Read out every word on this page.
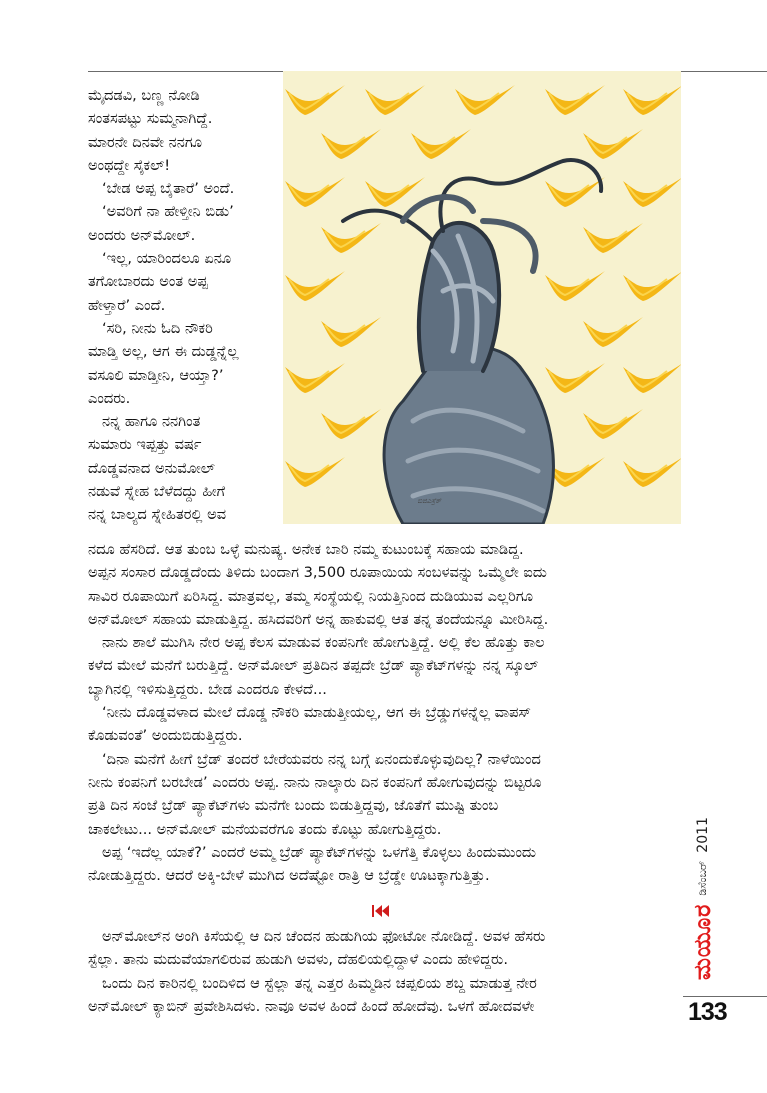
ಮೈದಡವಿ, ಬಣ್ಣ ನೋಡಿ
ಸಂತಸಪಟ್ಟು ಸುಮ್ಮನಾಗಿದ್ದೆ.
ಮಾರನೇ ದಿನವೇ ನನಗೂ
ಅಂಥದ್ದೇ ಸೈಕಲ್!
‘ಬೇಡ ಅಪ್ಪ ಬೈತಾರೆ’ ಅಂದೆ.
‘ಅವರಿಗೆ ನಾ ಹೇಳ್ತೀನಿ ಬಿಡು’
ಅಂದರು ಅನ್‌ಮೋಲ್.
‘ಇಲ್ಲ, ಯಾರಿಂದಲೂ ಏನೂ
ತಗೋಬಾರದು ಅಂತ ಅಪ್ಪ
ಹೇಳ್ತಾರೆ’ ಎಂದೆ.
‘ಸರಿ, ನೀನು ಓದಿ ನೌಕರಿ
ಮಾಡ್ತಿ ಅಲ್ಲ, ಆಗ ಈ ದುಡ್ಡನ್ನೆಲ್ಲ
ವಸೂಲಿ ಮಾಡ್ತೀನಿ, ಆಯ್ತಾ?’
ಎಂದರು.
ನನ್ನ ಹಾಗೂ ನನಗಿಂತ
ಸುಮಾರು ಇಪ್ಪತ್ತು ವರ್ಷ
ದೊಡ್ಡವನಾದ ಅನುಮೋಲ್
ನಡುವೆ ಸ್ನೇಹ ಬೆಳೆದದ್ದು ಹೀಗೆ
ನನ್ನ ಬಾಲ್ಯದ ಸ್ನೇಹಿತರಲ್ಲಿ ಅವ
ಬಿಜಿಎಸ್ರೆಕ್
ನದೂ ಹೆಸರಿದೆ. ಆತ ತುಂಬ ಒಳ್ಳೆ ಮನುಷ್ಯ. ಅನೇಕ ಬಾರಿ ನಮ್ಮ ಕುಟುಂಬಕ್ಕೆ ಸಹಾಯ ಮಾಡಿದ್ದ.
ಅಪ್ಪನ ಸಂಸಾರ ದೊಡ್ಡದೆಂದು ತಿಳಿದು ಬಂದಾಗ 3,500 ರೂಪಾಯಿಯ ಸಂಬಳವನ್ನು ಒಮ್ಮೆಲೇ ಐದು
ಸಾವಿರ ರೂಪಾಯಿಗೆ ಏರಿಸಿದ್ದ. ಮಾತ್ರವಲ್ಲ, ತಮ್ಮ ಸಂಸ್ಥೆಯಲ್ಲಿ ನಿಯತ್ತಿನಿಂದ ದುಡಿಯುವ ಎಲ್ಲರಿಗೂ
ಅನ್‌ಮೋಲ್ ಸಹಾಯ ಮಾಡುತ್ತಿದ್ದ. ಹಸಿದವರಿಗೆ ಅನ್ನ ಹಾಕುವಲ್ಲಿ ಆತ ತನ್ನ ತಂದೆಯನ್ನೂ ಮೀರಿಸಿದ್ದ.
ನಾನು ಶಾಲೆ ಮುಗಿಸಿ ನೇರ ಅಪ್ಪ ಕೆಲಸ ಮಾಡುವ ಕಂಪನಿಗೇ ಹೋಗುತ್ತಿದ್ದೆ. ಅಲ್ಲಿ ಕೆಲ ಹೊತ್ತು ಕಾಲ
ಕಳೆದ ಮೇಲೆ ಮನೆಗೆ ಬರುತ್ತಿದ್ದೆ. ಅನ್‌ಮೋಲ್ ಪ್ರತಿದಿನ ತಪ್ಪದೇ ಬ್ರೆಡ್ ಪ್ಯಾಕೆಟ್‌ಗಳನ್ನು ನನ್ನ ಸ್ಕೂಲ್
ಬ್ಯಾಗಿನಲ್ಲಿ ಇಳಿಸುತ್ತಿದ್ದರು. ಬೇಡ ಎಂದರೂ ಕೇಳದೆ...
‘ನೀನು ದೊಡ್ಡವಳಾದ ಮೇಲೆ ದೊಡ್ಡ ನೌಕರಿ ಮಾಡುತ್ತೀಯಲ್ಲ, ಆಗ ಈ ಬ್ರೆಡ್ಡುಗಳನ್ನೆಲ್ಲ ವಾಪಸ್
ಕೊಡುವಂತೆ’ ಅಂದುಬಿಡುತ್ತಿದ್ದರು.
‘ದಿನಾ ಮನೆಗೆ ಹೀಗೆ ಬ್ರೆಡ್ ತಂದರೆ ಬೇರೆಯವರು ನನ್ನ ಬಗ್ಗೆ ಏನಂದುಕೊಳ್ಳುವುದಿಲ್ಲ? ನಾಳೆಯಿಂದ
ನೀನು ಕಂಪನಿಗೆ ಬರಬೇಡ’ ಎಂದರು ಅಪ್ಪ. ನಾನು ನಾಲ್ಕಾರು ದಿನ ಕಂಪನಿಗೆ ಹೋಗುವುದನ್ನು ಬಿಟ್ಟರೂ
ಪ್ರತಿ ದಿನ ಸಂಜೆ ಬ್ರೆಡ್ ಪ್ಯಾಕೆಟ್‌ಗಳು ಮನೆಗೇ ಬಂದು ಬಿಡುತ್ತಿದ್ದವು, ಜೊತೆಗೆ ಮುಷ್ಟಿ ತುಂಬ
ಚಾಕಲೇಟು... ಅನ್‌ಮೋಲ್ ಮನೆಯವರೆಗೂ ತಂದು ಕೊಟ್ಟು ಹೋಗುತ್ತಿದ್ದರು.
ಅಪ್ಪ ‘ಇದೆಲ್ಲ ಯಾಕೆ?’ ಎಂದರೆ ಅಮ್ಮ ಬ್ರೆಡ್ ಪ್ಯಾಕೆಟ್‌ಗಳನ್ನು ಒಳಗೆತ್ತಿ ಕೊಳ್ಳಲು ಹಿಂದುಮುಂದು
ನೋಡುತ್ತಿದ್ದರು. ಆದರೆ ಅಕ್ಕಿ-ಬೇಳೆ ಮುಗಿದ ಅದೆಷ್ಟೋ ರಾತ್ರಿ ಆ ಬ್ರೆಡ್ಡೇ ಊಟಕ್ಕಾಗುತ್ತಿತ್ತು.
ಅನ್‌ಮೋಲ್‌ನ ಅಂಗಿ ಕಿಸೆಯಲ್ಲಿ ಆ ದಿನ ಚೆಂದನ ಹುಡುಗಿಯ ಫೋಟೋ ನೋಡಿದ್ದೆ. ಅವಳ ಹೆಸರು
ಸ್ಟೆಲ್ಲಾ. ತಾನು ಮದುವೆಯಾಗಲಿರುವ ಹುಡುಗಿ ಅವಳು, ದೆಹಲಿಯಲ್ಲಿದ್ದಾಳೆ ಎಂದು ಹೇಳಿದ್ದರು.
ಒಂದು ದಿನ ಕಾರಿನಲ್ಲಿ ಬಂದಿಳಿದ ಆ ಸ್ಟೆಲ್ಲಾ ತನ್ನ ಎತ್ತರ ಹಿಮ್ಮಡಿನ ಚಪ್ಪಲಿಯ ಶಬ್ದ ಮಾಡುತ್ತ ನೇರ
ಅನ್‌ಮೋಲ್ ಕ್ಯಾಬಿನ್ ಪ್ರವೇಶಿಸಿದಳು. ನಾವೂ ಅವಳ ಹಿಂದೆ ಹಿಂದೆ ಹೋದೆವು. ಒಳಗೆ ಹೋದವಳೇ
ಮಯೂರ
ಡಿಸೆಂಬರ್
2011
133
